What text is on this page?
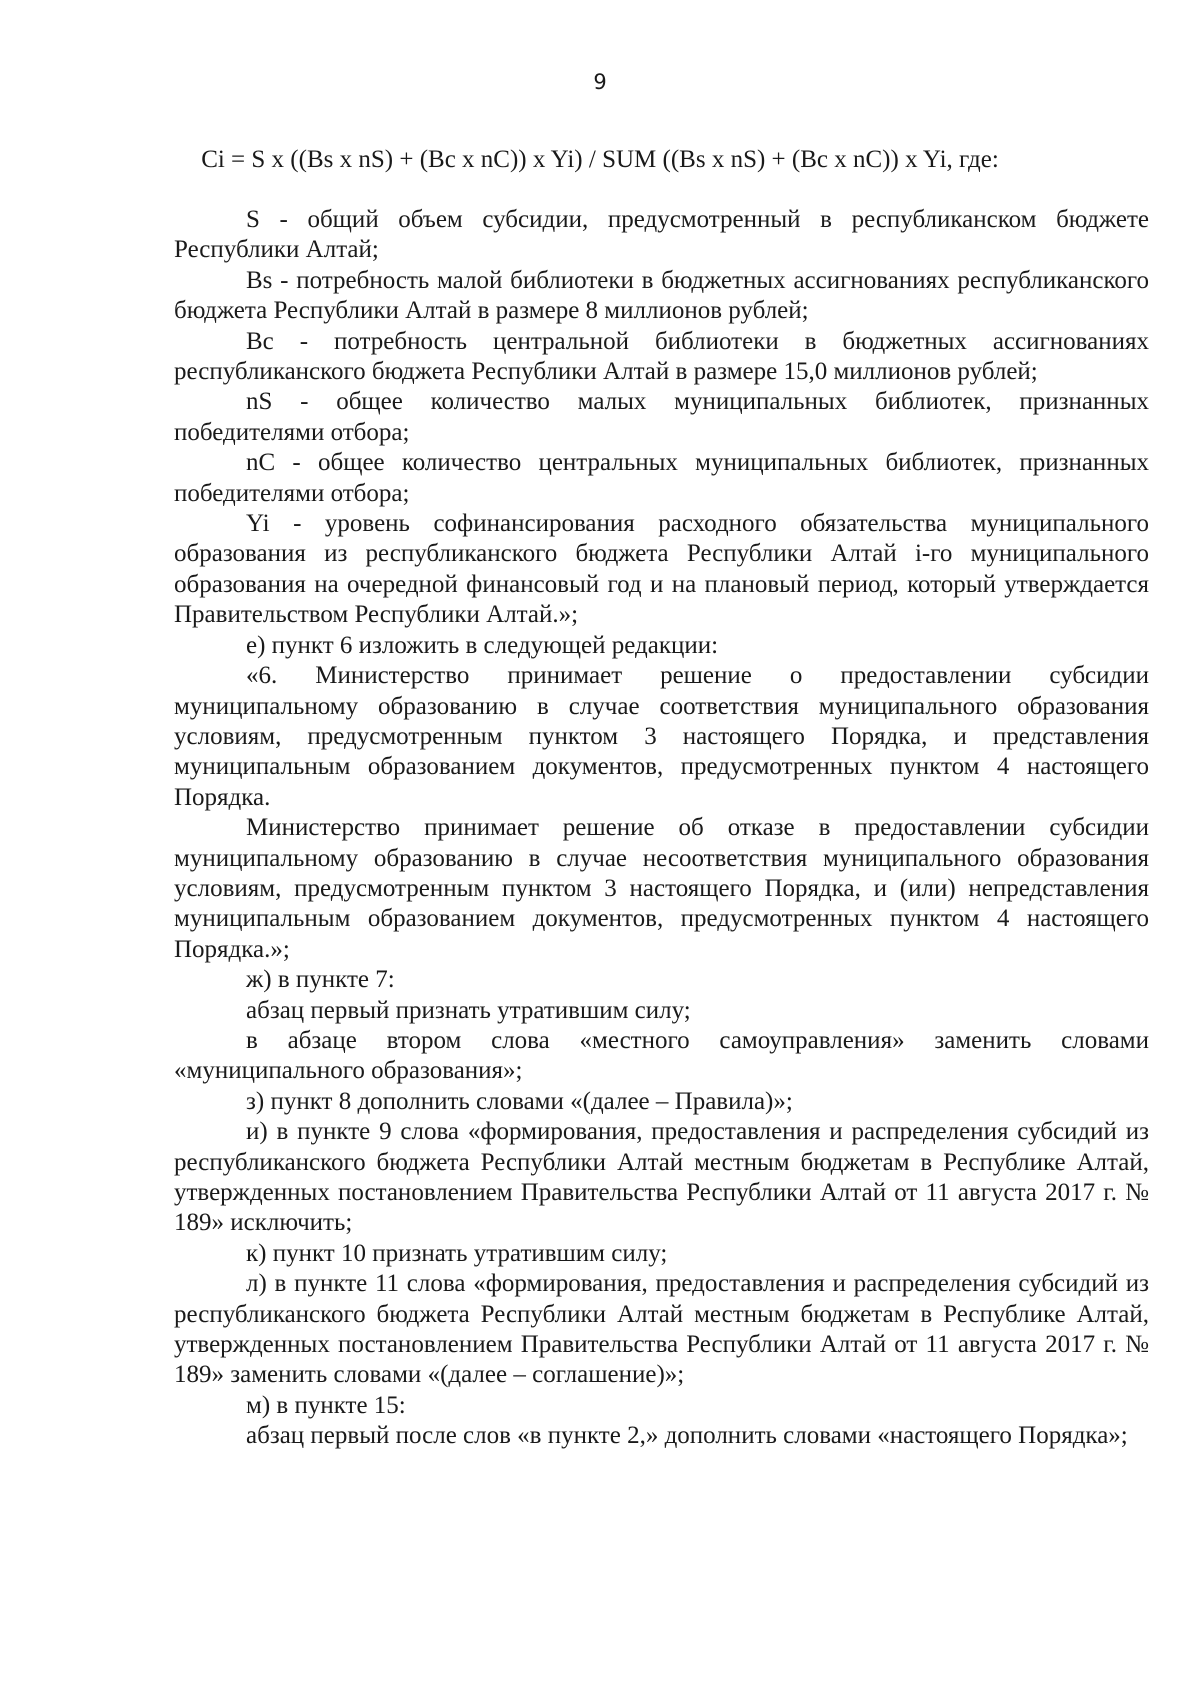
9
Ci = S x ((Bs x nS) + (Bc x nC)) x Yi) / SUM ((Bs x nS) + (Bc x nC)) x Yi, где:

S - общий объем субсидии, предусмотренный в республиканском бюджете Республики Алтай;

Bs - потребность малой библиотеки в бюджетных ассигнованиях республиканского бюджета Республики Алтай в размере 8 миллионов рублей;

Вс - потребность центральной библиотеки в бюджетных ассигнованиях республиканского бюджета Республики Алтай в размере 15,0 миллионов рублей;

nS - общее количество малых муниципальных библиотек, признанных победителями отбора;

nC - общее количество центральных муниципальных библиотек, признанных победителями отбора;

Yi - уровень софинансирования расходного обязательства муниципального образования из республиканского бюджета Республики Алтай i-го муниципального образования на очередной финансовый год и на плановый период, который утверждается Правительством Республики Алтай.»;

е) пункт 6 изложить в следующей редакции:

«6. Министерство принимает решение о предоставлении субсидии муниципальному образованию в случае соответствия муниципального образования условиям, предусмотренным пунктом 3 настоящего Порядка, и представления муниципальным образованием документов, предусмотренных пунктом 4 настоящего Порядка.

Министерство принимает решение об отказе в предоставлении субсидии муниципальному образованию в случае несоответствия муниципального образования условиям, предусмотренным пунктом 3 настоящего Порядка, и (или) непредставления муниципальным образованием документов, предусмотренных пунктом 4 настоящего Порядка.»;

ж) в пункте 7:

абзац первый признать утратившим силу;

в абзаце втором слова «местного самоуправления» заменить словами «муниципального образования»;

з) пункт 8 дополнить словами «(далее – Правила)»;

и) в пункте 9 слова «формирования, предоставления и распределения субсидий из республиканского бюджета Республики Алтай местным бюджетам в Республике Алтай, утвержденных постановлением Правительства Республики Алтай от 11 августа 2017 г. № 189» исключить;

к) пункт 10 признать утратившим силу;

л) в пункте 11 слова «формирования, предоставления и распределения субсидий из республиканского бюджета Республики Алтай местным бюджетам в Республике Алтай, утвержденных постановлением Правительства Республики Алтай от 11 августа 2017 г. № 189» заменить словами «(далее – соглашение)»;

м) в пункте 15:

абзац первый после слов «в пункте 2,» дополнить словами «настоящего Порядка»;
